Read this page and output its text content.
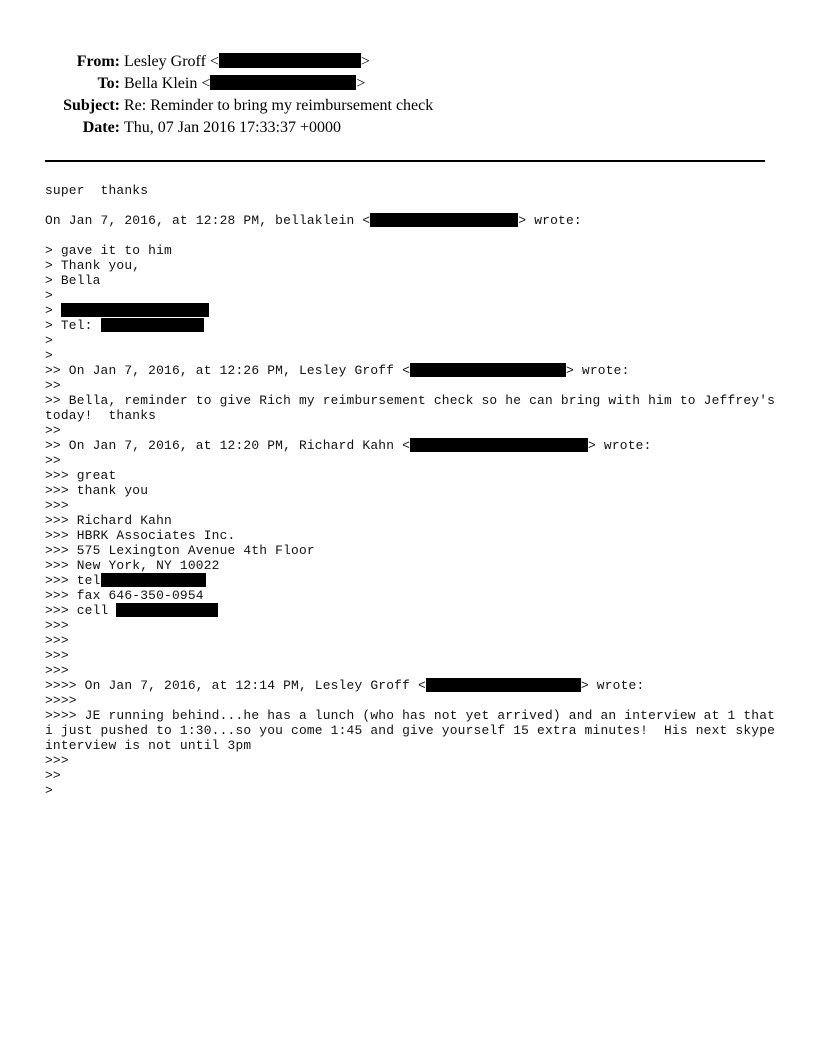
From: Lesley Groff <	>
To: Bella Klein <	>
Subject: Re: Reminder to bring my reimbursement check
Date: Thu, 07 Jan 2016 17:33:37 +0000
super  thanks
On Jan 7, 2016, at 12:28 PM, bellaklein <	> wrote:
> gave it to him
> Thank you,
> Bella
>
>
> Tel:
>
>
>> On Jan 7, 2016, at 12:26 PM, Lesley Groff <	> wrote:
>>
>> Bella, reminder to give Rich my reimbursement check so he can bring with him to Jeffrey's
today!  thanks
>>
>> On Jan 7, 2016, at 12:20 PM, Richard Kahn <	> wrote:
>>
>>> great
>>> thank you
>>>
>>> Richard Kahn
>>> HBRK Associates Inc.
>>> 575 Lexington Avenue 4th Floor
>>> New York, NY 10022
>>> tel
>>> fax 646-350-0954
>>> cell
>>>
>>>
>>>
>>>
>>>> On Jan 7, 2016, at 12:14 PM, Lesley Groff <	> wrote:
>>>>
>>>> JE running behind...he has a lunch (who has not yet arrived) and an interview at 1 that
i just pushed to 1:30...so you come 1:45 and give yourself 15 extra minutes!  His next skype
interview is not until 3pm
>>>
>>
>
